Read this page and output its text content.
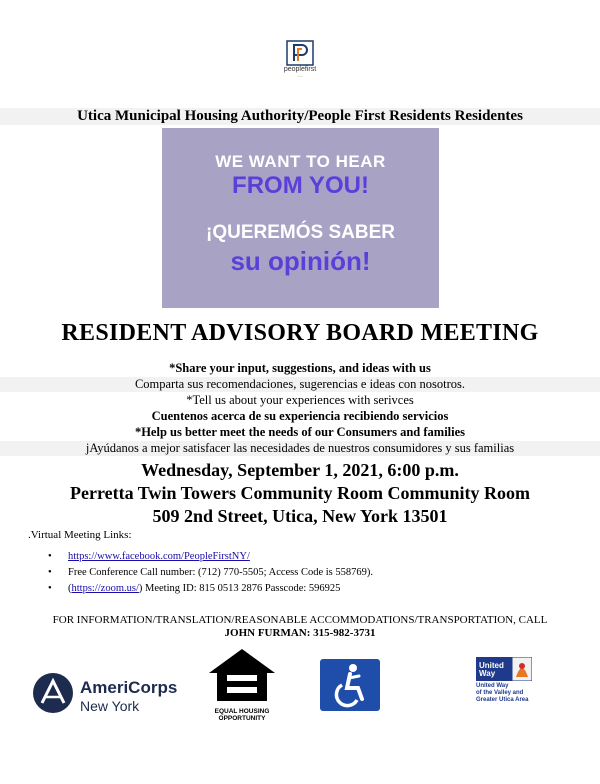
peoplefirst
• • •
Utica Municipal Housing Authority/People First Residents Residentes
WE WANT TO HEAR
FROM YOU!
¡QUEREMÓS SABER
su opinión!
RESIDENT ADVISORY BOARD MEETING
*Share your input, suggestions, and ideas with us
Comparta sus recomendaciones, sugerencias e ideas con nosotros.
*Tell us about your experiences with serivces
Cuentenos acerca de su experiencia recibiendo servicios
*Help us better meet the needs of our Consumers and families
jAyúdanos a mejor satisfacer las necesidades de nuestros consumidores y sus familias
Wednesday, September 1, 2021, 6:00 p.m.
Perretta Twin Towers Community Room Community Room
509 2nd Street, Utica, New York 13501
.Virtual Meeting Links:
• https://www.facebook.com/PeopleFirstNY/
• Free Conference Call number: (712) 770-5505; Access Code is 558769).
• (https://zoom.us/) Meeting ID: 815 0513 2876 Passcode: 596925
FOR INFORMATION/TRANSLATION/REASONABLE ACCOMMODATIONS/TRANSPORTATION, CALL
JOHN FURMAN: 315-982-3731
AmeriCorps
New York	EQUAL HOUSING
OPPORTUNITY
United Way
United Way
of the Valley and
Greater Utica Area
